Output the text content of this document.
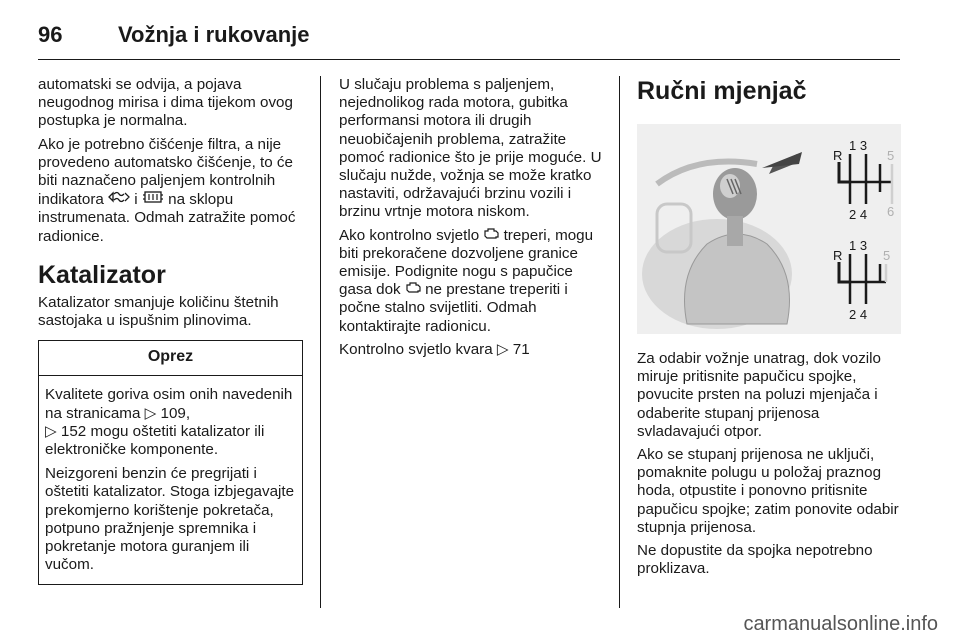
96	Vožnja i rukovanje

automatski se odvija, a pojava neugodnog mirisa i dima tijekom ovog postupka je normalna.

Ako je potrebno čišćenje filtra, a nije provedeno automatsko čišćenje, to će biti naznačeno paljenjem kontrolnih indikatora  i  na sklopu instrumenata. Odmah zatražite pomoć radionice.

Katalizator

Katalizator smanjuje količinu štetnih sastojaka u ispušnim plinovima.

Oprez

Kvalitete goriva osim onih navedenih na stranicama ▷ 109,
▷ 152 mogu oštetiti katalizator ili elektroničke komponente.

Neizgoreni benzin će pregrijati i oštetiti katalizator. Stoga izbjegavajte prekomjerno korištenje pokretača, potpuno pražnjenje spremnika i pokretanje motora guranjem ili vučom.

U slučaju problema s paljenjem, nejednolikog rada motora, gubitka performansi motora ili drugih neuobičajenih problema, zatražite pomoć radionice što je prije moguće. U slučaju nužde, vožnja se može kratko nastaviti, održavajući brzinu vozili i brzinu vrtnje motora niskom.

Ako kontrolno svjetlo  treperi, mogu biti prekoračene dozvoljene granice emisije. Podignite nogu s papučice gasa dok  ne prestane treperiti i počne stalno svijetliti. Odmah kontaktirajte radionicu.

Kontrolno svjetlo kvara ▷ 71

Ručni mjenjač
1 3
2 4
R	5
6
1 3
2 4
R	5

Za odabir vožnje unatrag, dok vozilo miruje pritisnite papučicu spojke, povucite prsten na poluzi mjenjača i odaberite stupanj prijenosa svladavajući otpor.

Ako se stupanj prijenosa ne uključi, pomaknite polugu u položaj praznog hoda, otpustite i ponovno pritisnite papučicu spojke; zatim ponovite odabir stupnja prijenosa.

Ne dopustite da spojka nepotrebno proklizava.

carmanualsonline.info
